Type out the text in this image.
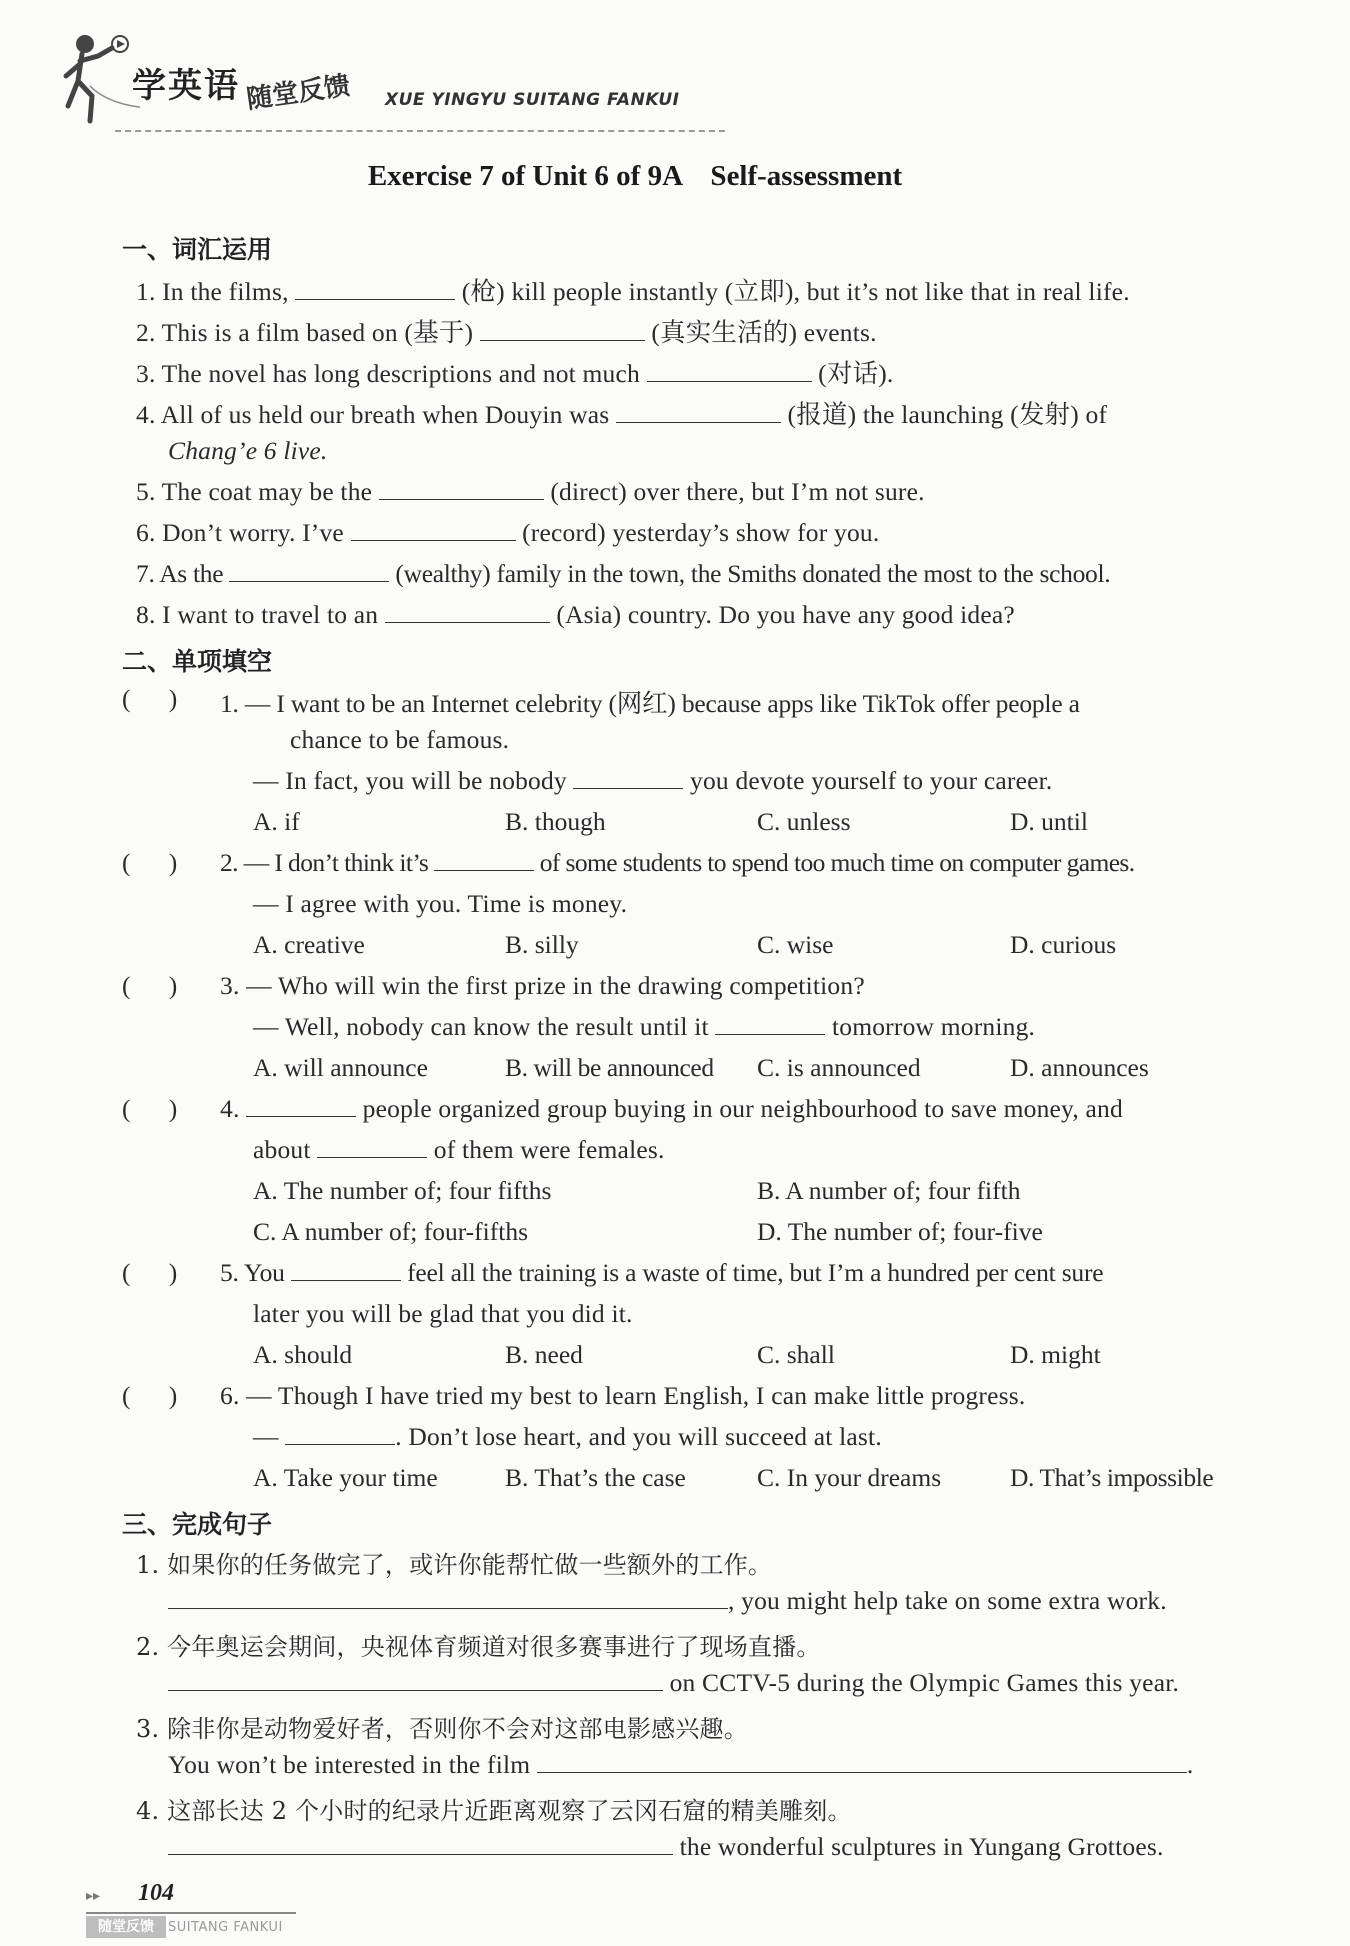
学英语 随堂反馈 XUE YINGYU SUITANG FANKUI
Exercise 7 of Unit 6 of 9A    Self-assessment
一、词汇运用
1. In the films,	(枪) kill people instantly (立即), but it’s not like that in real life.
2. This is a film based on (基于)	(真实生活的) events.
3. The novel has long descriptions and not much	(对话).
4. All of us held our breath when Douyin was	(报道) the launching (发射) of
Chang’e 6 live.
5. The coat may be the	(direct) over there, but I’m not sure.
6. Don’t worry. I’ve	(record) yesterday’s show for you.
7. As the	(wealthy) family in the town, the Smiths donated the most to the school.
8. I want to travel to an	(Asia) country. Do you have any good idea?
二、单项填空
(      ) 1. — I want to be an Internet celebrity (网红) because apps like TikTok offer people a
chance to be famous.
— In fact, you will be nobody	you devote yourself to your career.
A. if	B. though	C. unless	D. until
(      ) 2. — I don’t think it’s	of some students to spend too much time on computer games.
— I agree with you. Time is money.
A. creative	B. silly	C. wise	D. curious
(      ) 3. — Who will win the first prize in the drawing competition?
— Well, nobody can know the result until it	tomorrow morning.
A. will announce	B. will be announced C. is announced	D. announces
(      ) 4.	people organized group buying in our neighbourhood to save money, and
about	of them were females.
A. The number of; four fifths	B. A number of; four fifth
C. A number of; four-fifths	D. The number of; four-five
(      ) 5. You	feel all the training is a waste of time, but I’m a hundred per cent sure
later you will be glad that you did it.
A. should	B. need	C. shall	D. might
(      ) 6. — Though I have tried my best to learn English, I can make little progress.
—	. Don’t lose heart, and you will succeed at last.
A. Take your time	B. That’s the case	C. In your dreams	D. That’s impossible
三、完成句子
1. 如果你的任务做完了，或许你能帮忙做一些额外的工作。
, you might help take on some extra work.
2. 今年奥运会期间，央视体育频道对很多赛事进行了现场直播。
on CCTV-5 during the Olympic Games this year.
3. 除非你是动物爱好者，否则你不会对这部电影感兴趣。
You won’t be interested in the film	.
4. 这部长达 2 个小时的纪录片近距离观察了云冈石窟的精美雕刻。
the wonderful sculptures in Yungang Grottoes.
▸▸ 104
随堂反馈	SUITANG FANKUI
